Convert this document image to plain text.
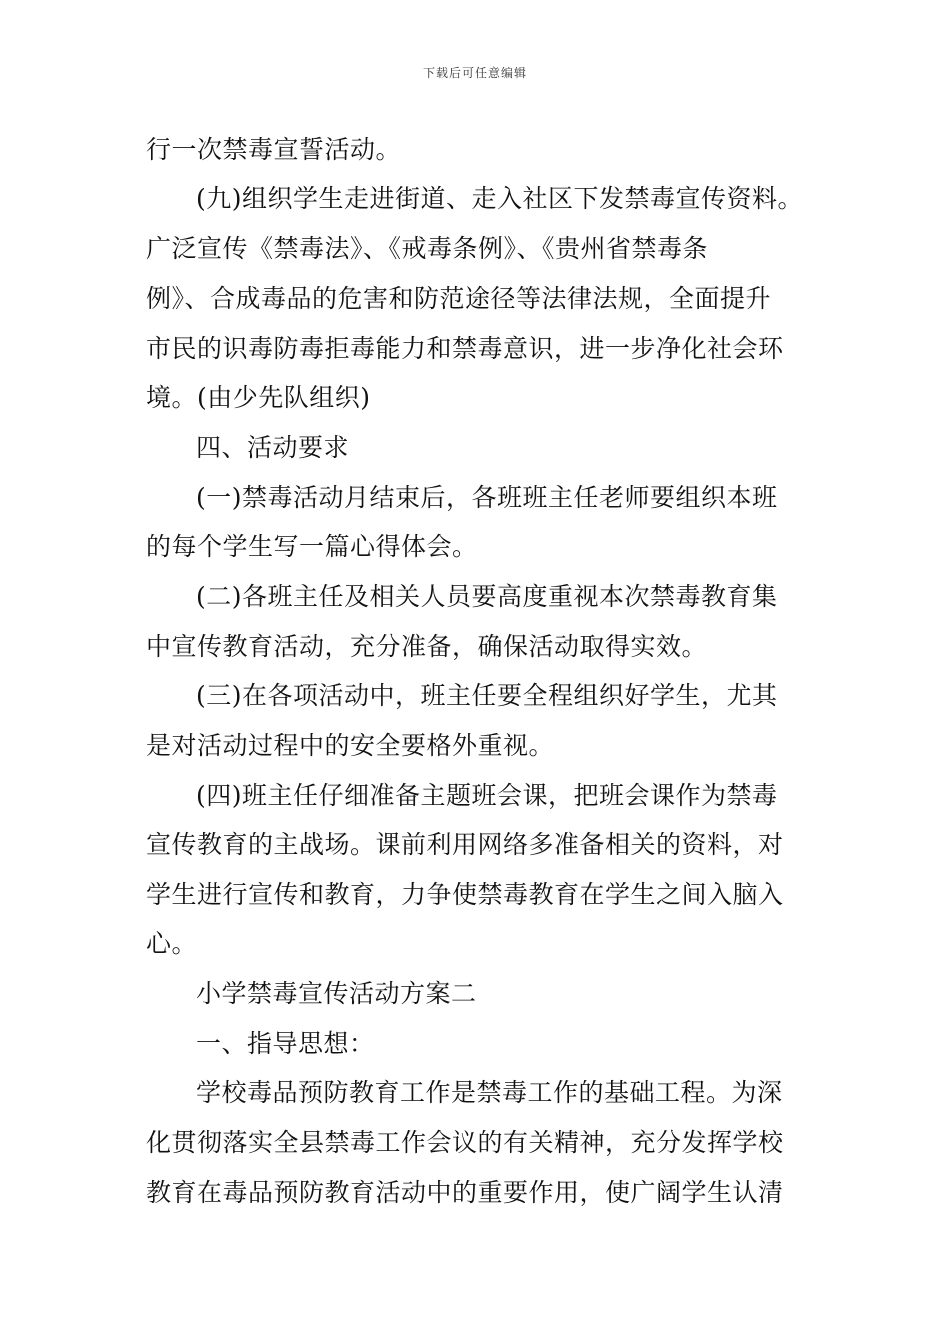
下载后可任意编辑
行一次禁毒宣誓活动。
(九)组织学生走进街道、走入社区下发禁毒宣传资料。
广泛宣传《禁毒法》、《戒毒条例》、《贵州省禁毒条
例》、合成毒品的危害和防范途径等法律法规，全面提升
市民的识毒防毒拒毒能力和禁毒意识，进一步净化社会环
境。(由少先队组织)
四、活动要求
(一)禁毒活动月结束后，各班班主任老师要组织本班
的每个学生写一篇心得体会。
(二)各班主任及相关人员要高度重视本次禁毒教育集
中宣传教育活动，充分准备，确保活动取得实效。
(三)在各项活动中，班主任要全程组织好学生，尤其
是对活动过程中的安全要格外重视。
(四)班主任仔细准备主题班会课，把班会课作为禁毒
宣传教育的主战场。课前利用网络多准备相关的资料，对
学生进行宣传和教育，力争使禁毒教育在学生之间入脑入
心。
小学禁毒宣传活动方案二
一、指导思想：
学校毒品预防教育工作是禁毒工作的基础工程。为深
化贯彻落实全县禁毒工作会议的有关精神，充分发挥学校
教育在毒品预防教育活动中的重要作用，使广阔学生认清
